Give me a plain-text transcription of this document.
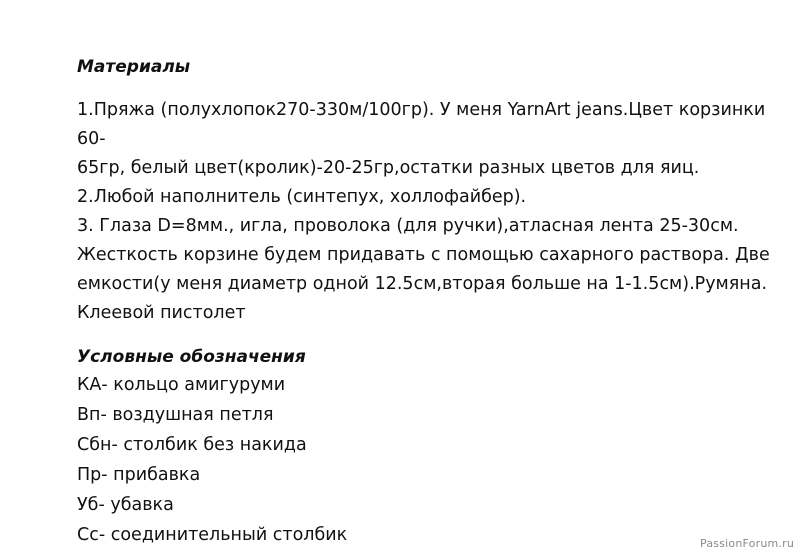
Материалы

1.Пряжа (полухлопок270-330м/100гр). У меня YarnArt jeans.Цвет корзинки 60-

65гр, белый цвет(кролик)-20-25гр,остатки разных цветов для яиц.

2.Любой наполнитель (синтепух, холлофайбер).

3. Глаза D=8мм., игла, проволока (для ручки),атласная лента 25-30см.

Жесткость корзине будем придавать с помощью сахарного раствора. Две

емкости(у меня диаметр одной 12.5см,вторая больше на 1-1.5см).Румяна.

Клеевой пистолет

Условные обозначения

КА- кольцо амигуруми
Вп- воздушная петля
Сбн- столбик без накида
Пр- прибавка
Уб- убавка
Сс- соединительный столбик	PassionForum.ru
